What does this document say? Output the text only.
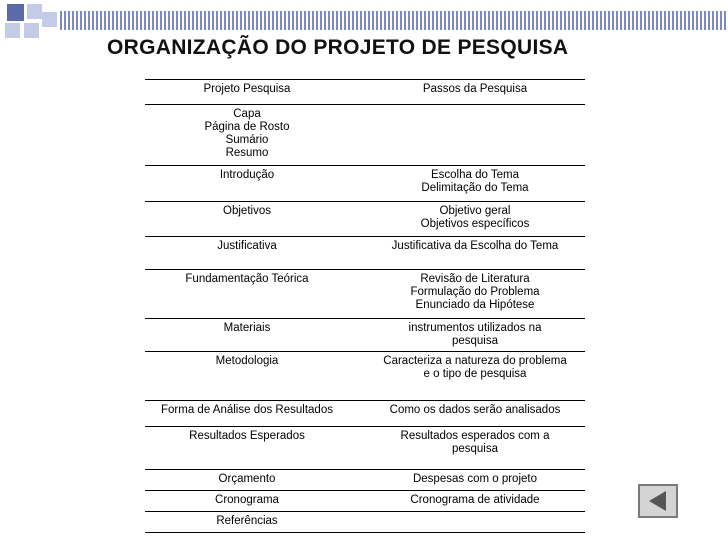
ORGANIZAÇÃO DO PROJETO DE PESQUISA
Projeto Pesquisa	Passos da Pesquisa
Capa
Página de Rosto
Sumário
Resumo
Introdução	Escolha do Tema
Delimitação do Tema
Objetivos	Objetivo geral
Objetivos específicos
Justificativa	Justificativa da Escolha do Tema
Fundamentação Teórica	Revisão de Literatura
Formulação do Problema
Enunciado da Hipótese
Materiais	instrumentos utilizados na
pesquisa
Metodologia	Caracteriza a natureza do problema
e o tipo de pesquisa
Forma de Análise dos Resultados	Como os dados serão analisados
Resultados Esperados	Resultados esperados com a
pesquisa
Orçamento	Despesas com o projeto
Cronograma	Cronograma de atividade
Referências
